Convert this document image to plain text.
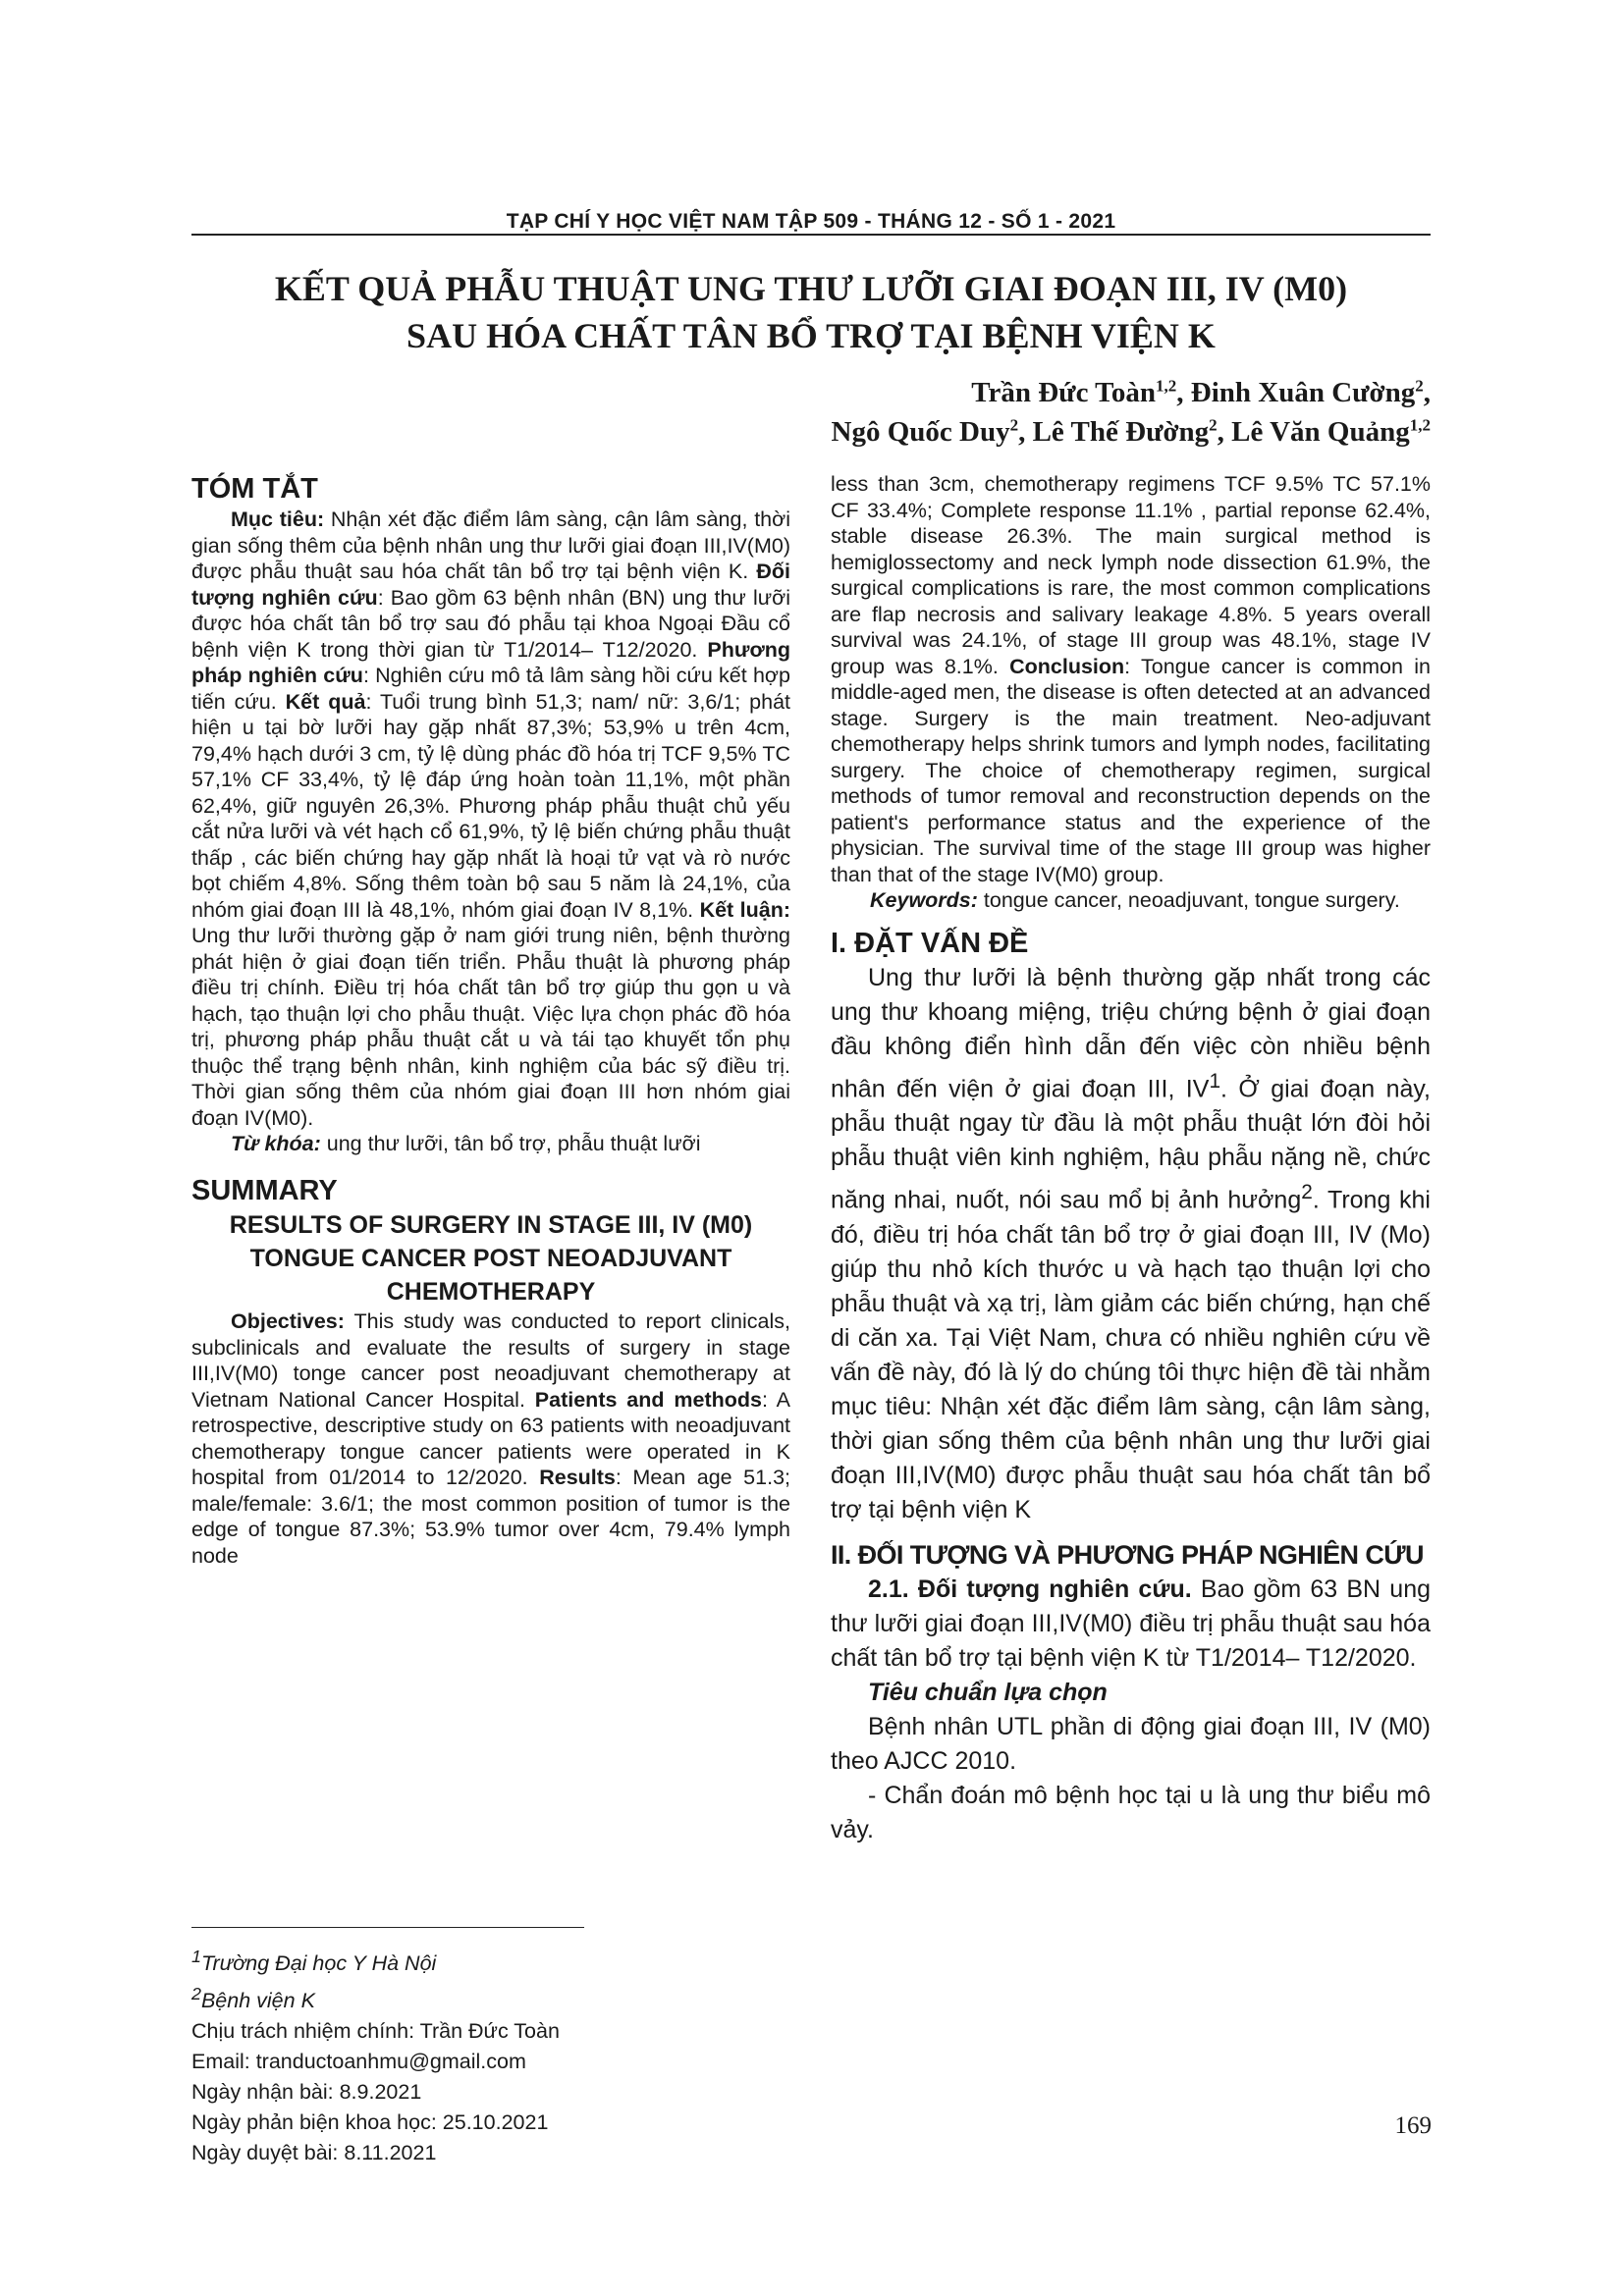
TẠP CHÍ Y HỌC VIỆT NAM TẬP 509 - THÁNG 12 - SỐ 1 - 2021
KẾT QUẢ PHẪU THUẬT UNG THƯ LƯỠI GIAI ĐOẠN III, IV (M0)
SAU HÓA CHẤT TÂN BỔ TRỢ TẠI BỆNH VIỆN K
Trần Đức Toàn$^{1,2}$, Đinh Xuân Cường$^2$,
Ngô Quốc Duy$^2$, Lê Thế Đường$^2$, Lê Văn Quảng$^{1,2}$
TÓM TẮT

Mục tiêu: Nhận xét đặc điểm lâm sàng, cận lâm sàng, thời gian sống thêm của bệnh nhân ung thư lưỡi giai đoạn III,IV(M0) được phẫu thuật sau hóa chất tân bổ trợ tại bệnh viện K. Đối tượng nghiên cứu: Bao gồm 63 bệnh nhân (BN) ung thư lưỡi được hóa chất tân bổ trợ sau đó phẫu tại khoa Ngoại Đầu cổ bệnh viện K trong thời gian từ T1/2014– T12/2020. Phương pháp nghiên cứu: Nghiên cứu mô tả lâm sàng hồi cứu kết hợp tiến cứu. Kết quả: Tuổi trung bình 51,3; nam/ nữ: 3,6/1; phát hiện u tại bờ lưỡi hay gặp nhất 87,3%; 53,9% u trên 4cm, 79,4% hạch dưới 3 cm, tỷ lệ dùng phác đồ hóa trị TCF 9,5% TC 57,1% CF 33,4%, tỷ lệ đáp ứng hoàn toàn 11,1%, một phần 62,4%, giữ nguyên 26,3%. Phương pháp phẫu thuật chủ yếu cắt nửa lưỡi và vét hạch cổ 61,9%, tỷ lệ biến chứng phẫu thuật thấp , các biến chứng hay gặp nhất là hoại tử vạt và rò nước bọt chiếm 4,8%. Sống thêm toàn bộ sau 5 năm là 24,1%, của nhóm giai đoạn III là 48,1%, nhóm giai đoạn IV 8,1%. Kết luận: Ung thư lưỡi thường gặp ở nam giới trung niên, bệnh thường phát hiện ở giai đoạn tiến triển. Phẫu thuật là phương pháp điều trị chính. Điều trị hóa chất tân bổ trợ giúp thu gọn u và hạch, tạo thuận lợi cho phẫu thuật. Việc lựa chọn phác đồ hóa trị, phương pháp phẫu thuật cắt u và tái tạo khuyết tổn phụ thuộc thể trạng bệnh nhân, kinh nghiệm của bác sỹ điều trị. Thời gian sống thêm của nhóm giai đoạn III hơn nhóm giai đoạn IV(M0).

Từ khóa: ung thư lưỡi, tân bổ trợ, phẫu thuật lưỡi

SUMMARY

RESULTS OF SURGERY IN STAGE III, IV (M0) TONGUE CANCER POST NEOADJUVANT CHEMOTHERAPY

Objectives: This study was conducted to report clinicals, subclinicals and evaluate the results of surgery in stage III,IV(M0) tonge cancer post neoadjuvant chemotherapy at Vietnam National Cancer Hospital. Patients and methods: A retrospective, descriptive study on 63 patients with neoadjuvant chemotherapy tongue cancer patients were operated in K hospital from 01/2014 to 12/2020. Results: Mean age 51.3; male/female: 3.6/1; the most common position of tumor is the edge of tongue 87.3%; 53.9% tumor over 4cm, 79.4% lymph node

less than 3cm, chemotherapy regimens TCF 9.5% TC 57.1% CF 33.4%; Complete response 11.1% , partial reponse 62.4%, stable disease 26.3%. The main surgical method is hemiglossectomy and neck lymph node dissection 61.9%, the surgical complications is rare, the most common complications are flap necrosis and salivary leakage 4.8%. 5 years overall survival was 24.1%, of stage III group was 48.1%, stage IV group was 8.1%. Conclusion: Tongue cancer is common in middle-aged men, the disease is often detected at an advanced stage. Surgery is the main treatment. Neo-adjuvant chemotherapy helps shrink tumors and lymph nodes, facilitating surgery. The choice of chemotherapy regimen, surgical methods of tumor removal and reconstruction depends on the patient's performance status and the experience of the physician. The survival time of the stage III group was higher than that of the stage IV(M0) group.

Keywords: tongue cancer, neoadjuvant, tongue surgery.

I. ĐẶT VẤN ĐỀ

Ung thư lưỡi là bệnh thường gặp nhất trong các ung thư khoang miệng, triệu chứng bệnh ở giai đoạn đầu không điển hình dẫn đến việc còn nhiều bệnh nhân đến viện ở giai đoạn III, $IV^1$. Ở giai đoạn này, phẫu thuật ngay từ đầu là một phẫu thuật lớn đòi hỏi phẫu thuật viên kinh nghiệm, hậu phẫu nặng nề, chức năng nhai, nuốt, nói sau mổ bị ảnh hưởng$^2$. Trong khi đó, điều trị hóa chất tân bổ trợ ở giai đoạn III, IV (Mo) giúp thu nhỏ kích thước u và hạch tạo thuận lợi cho phẫu thuật và xạ trị, làm giảm các biến chứng, hạn chế di căn xa. Tại Việt Nam, chưa có nhiều nghiên cứu về vấn đề này, đó là lý do chúng tôi thực hiện đề tài nhằm mục tiêu: Nhận xét đặc điểm lâm sàng, cận lâm sàng, thời gian sống thêm của bệnh nhân ung thư lưỡi giai đoạn III,IV(M0) được phẫu thuật sau hóa chất tân bổ trợ tại bệnh viện K

II. ĐỐI TƯỢNG VÀ PHƯƠNG PHÁP NGHIÊN CỨU

2.1. Đối tượng nghiên cứu. Bao gồm 63 BN ung thư lưỡi giai đoạn III,IV(M0) điều trị phẫu thuật sau hóa chất tân bổ trợ tại bệnh viện K từ T1/2014– T12/2020.

Tiêu chuẩn lựa chọn

Bệnh nhân UTL phần di động giai đoạn III, IV (M0) theo AJCC 2010.

- Chẩn đoán mô bệnh học tại u là ung thư biểu mô vảy.

$^1$Trường Đại học Y Hà Nội
$^2$Bệnh viện K
Chịu trách nhiệm chính: Trần Đức Toàn
Email: tranductoanhmu@gmail.com
Ngày nhận bài: 8.9.2021
Ngày phản biện khoa học: 25.10.2021
Ngày duyệt bài: 8.11.2021
169
